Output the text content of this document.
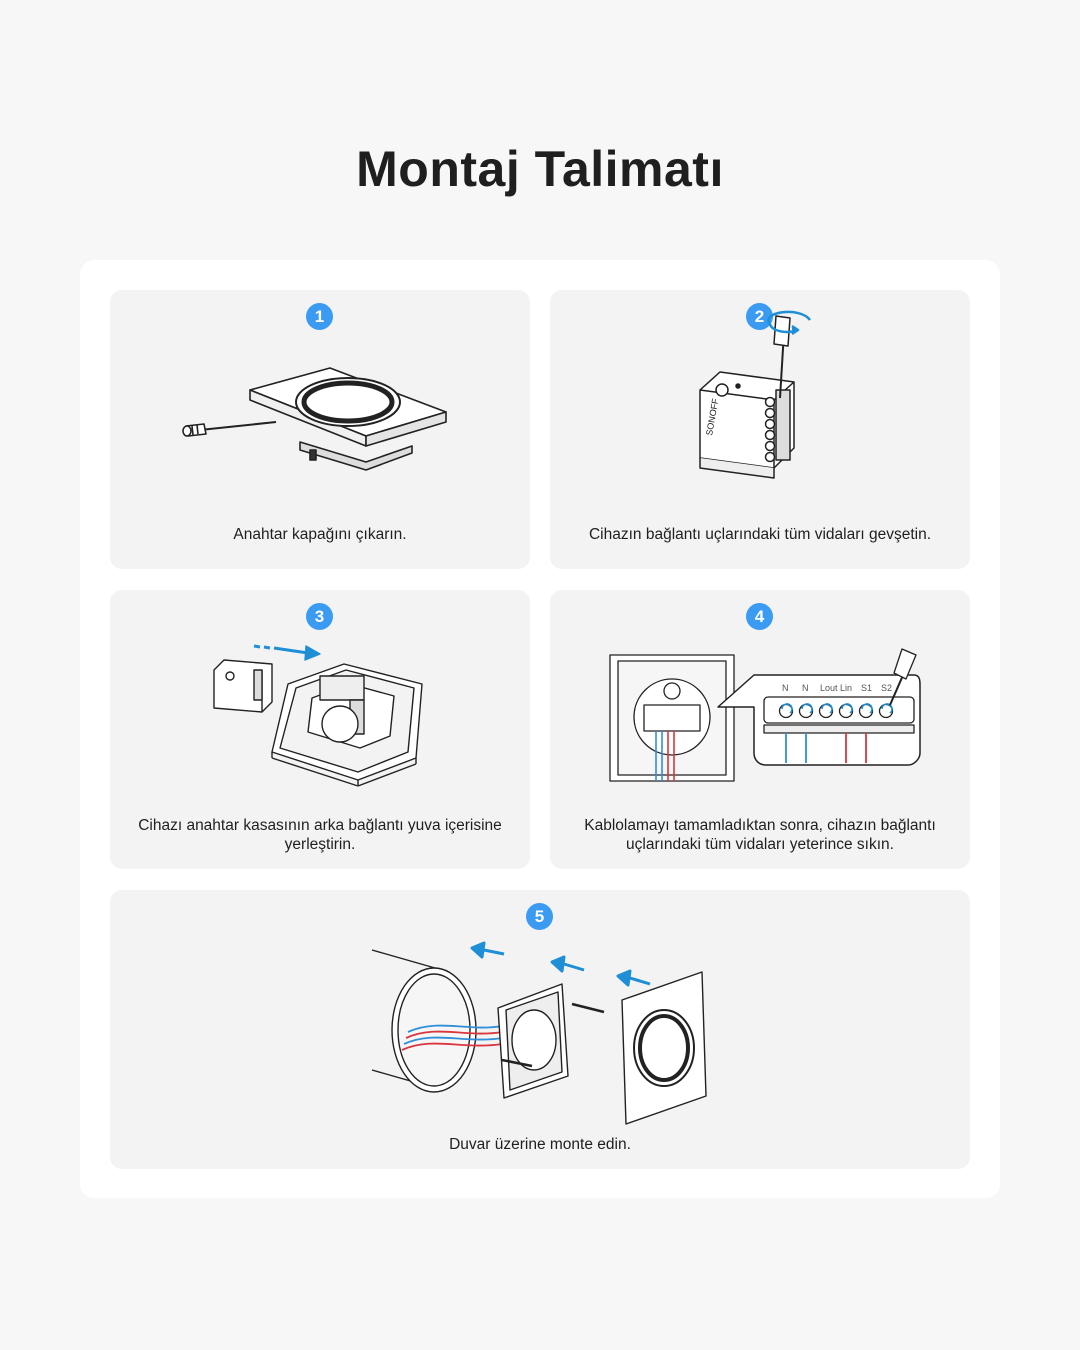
Montaj Talimatı
1
Anahtar kapağını çıkarın.
2
SONOFF
Cihazın bağlantı uçlarındaki tüm vidaları gevşetin.
3
Cihazı anahtar kasasının arka bağlantı yuva içerisine yerleştirin.
4
N N Lout Lin S1 S2
Kablolamayı tamamladıktan sonra, cihazın bağlantı uçlarındaki tüm vidaları yeterince sıkın.
5
Duvar üzerine monte edin.
